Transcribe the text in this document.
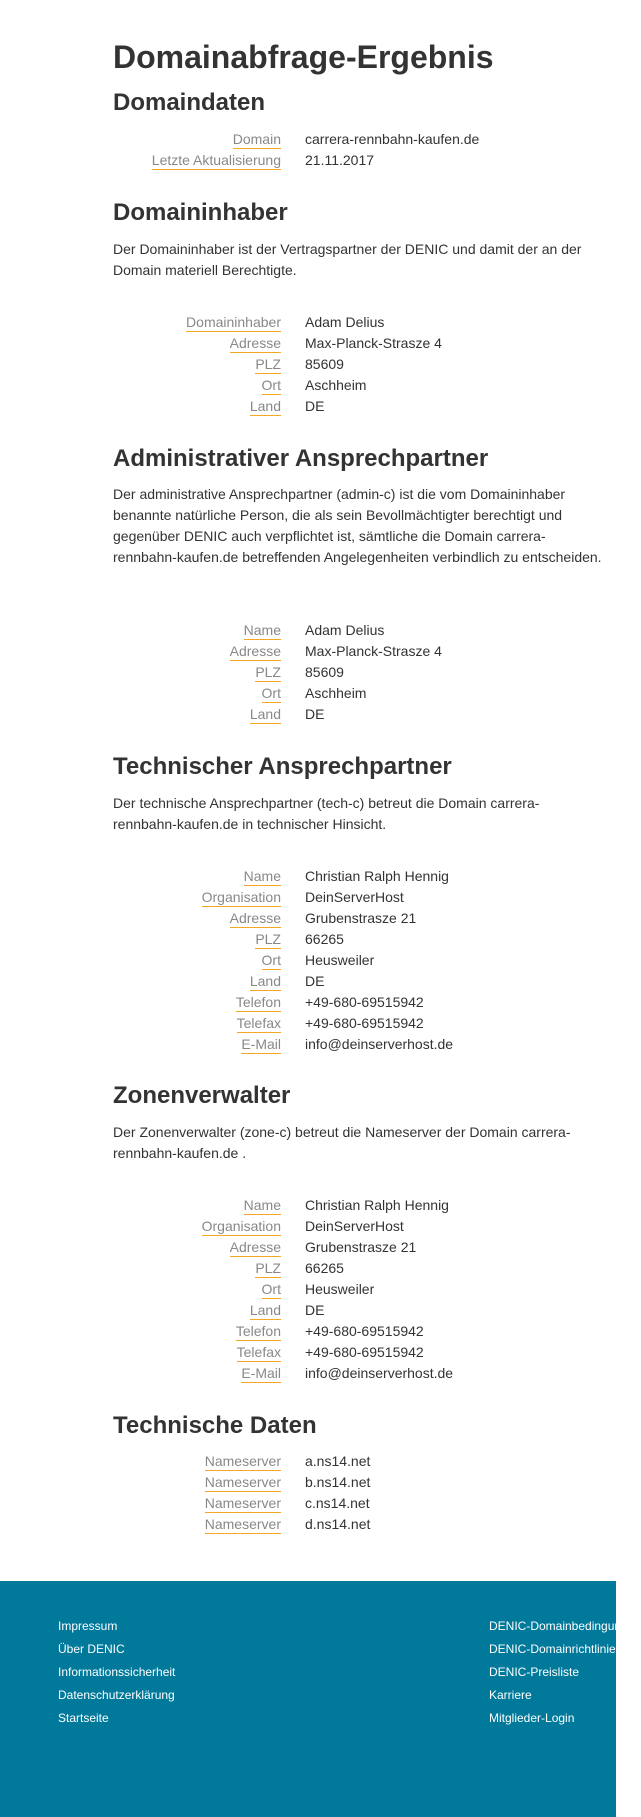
Domainabfrage-Ergebnis
Domaindaten
Domain carrera-rennbahn-kaufen.de
Letzte Aktualisierung 21.11.2017
Domaininhaber

Der Domaininhaber ist der Vertragspartner der DENIC und damit der an der Domain materiell Berechtigte.

Domaininhaber Adam Delius
Adresse Max-Planck-Strasze 4
PLZ 85609
Ort Aschheim
Land DE
Administrativer Ansprechpartner

Der administrative Ansprechpartner (admin-c) ist die vom Domaininhaber benannte natürliche Person, die als sein Bevollmächtigter berechtigt und gegenüber DENIC auch verpflichtet ist, sämtliche die Domain carrera-rennbahn-kaufen.de betreffenden Angelegenheiten verbindlich zu entscheiden.

Name Adam Delius
Adresse Max-Planck-Strasze 4
PLZ 85609
Ort Aschheim
Land DE
Technischer Ansprechpartner

Der technische Ansprechpartner (tech-c) betreut die Domain carrera-rennbahn-kaufen.de in technischer Hinsicht.

Name Christian Ralph Hennig
Organisation DeinServerHost
Adresse Grubenstrasze 21
PLZ 66265
Ort Heusweiler
Land DE
Telefon +49-680-69515942
Telefax +49-680-69515942
E-Mail info@deinserverhost.de
Zonenverwalter

Der Zonenverwalter (zone-c) betreut die Nameserver der Domain carrera-rennbahn-kaufen.de .

Name Christian Ralph Hennig
Organisation DeinServerHost
Adresse Grubenstrasze 21
PLZ 66265
Ort Heusweiler
Land DE
Telefon +49-680-69515942
Telefax +49-680-69515942
E-Mail info@deinserverhost.de
Technische Daten
Nameserver a.ns14.net
Nameserver b.ns14.net
Nameserver c.ns14.net
Nameserver d.ns14.net
Impressum
Über DENIC
Informationssicherheit
Datenschutzerklärung
Startseite
DENIC-Domainbedingungen
DENIC-Domainrichtlinien
DENIC-Preisliste
Karriere
Mitglieder-Login
